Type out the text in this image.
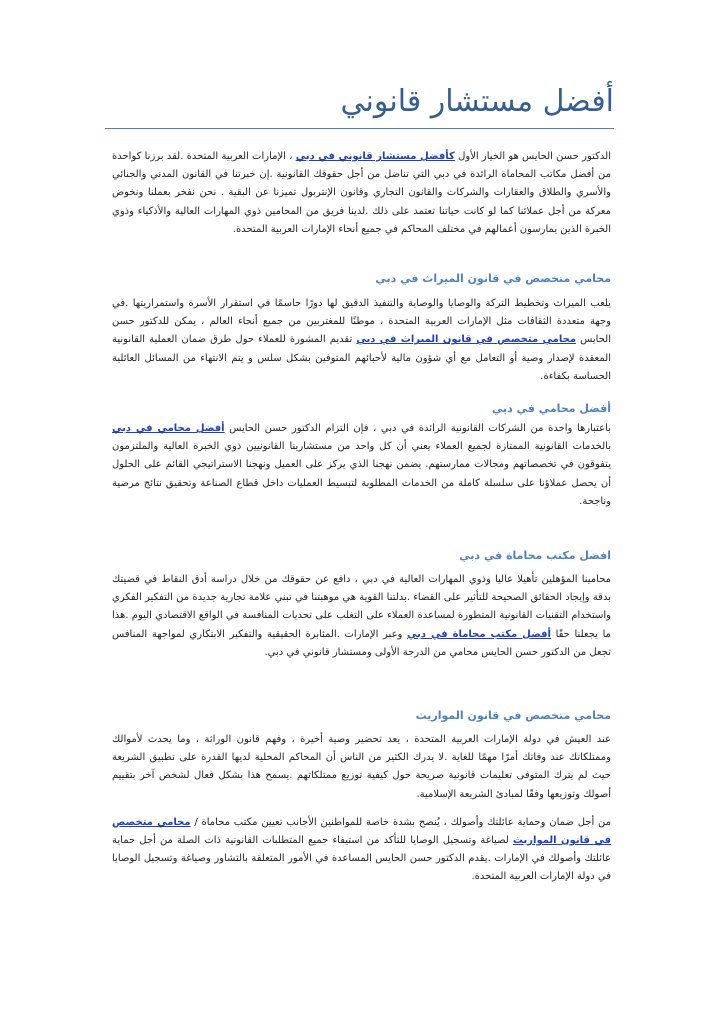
أفضل مستشار قانوني

الدكتور حسن الحايس هو الخيار الأول كأفضل مستشار قانوني في دبي ، الإمارات العربية المتحدة .لقد برزنا كواحدة من أفضل مكاتب المحاماة الرائدة في دبي التي تناضل من أجل حقوقك القانونية .إن خبرتنا في القانون المدني والجنائي والأسري والطلاق والعقارات والشركات والقانون التجاري وقانون الإنتربول تميزنا عن البقية . نحن نفخر بعملنا ونخوض معركة من أجل عملائنا كما لو كانت حياتنا تعتمد على ذلك .لدينا فريق من المحامين ذوي المهارات العالية والأذكياء وذوي الخبرة الذين يمارسون أعمالهم في مختلف المحاكم في جميع أنحاء الإمارات العربية المتحدة.

محامي متخصص في قانون الميراث في دبي

يلعب الميراث وتخطيط التركة والوصايا والوصاية والتنفيذ الدقيق لها دورًا حاسمًا في استقرار الأسرة واستمراريتها .في وجهة متعددة الثقافات مثل الإمارات العربية المتحدة ، موطنًا للمغتربين من جميع أنحاء العالم ، يمكن للدكتور حسن الحايس محامي متخصص في قانون الميراث في دبي تقديم المشورة للعملاء حول طرق ضمان العملية القانونية المعقدة لإصدار وصية أو التعامل مع أي شؤون مالية لأحبائهم المتوفين بشكل سلس و يتم الانتهاء من المسائل العائلية الحساسة بكفاءة.

أفضل محامي في دبي

باعتبارها واحدة من الشركات القانونية الرائدة في دبي ، فإن التزام الدكتور حسن الحايس أفضل محامي في دبي بالخدمات القانونية الممتازة لجميع العملاء يعني أن كل واحد من مستشارينا القانونيين ذوي الخبرة العالية والملتزمون يتفوقون في تخصصاتهم ومجالات ممارستهم. يضمن نهجنا الذي يركز على العميل ونهجنا الاستراتيجي القائم على الحلول أن يحصل عملاؤنا على سلسلة كاملة من الخدمات المطلوبة لتبسيط العمليات داخل قطاع الصناعة وتحقيق نتائج مرضية وناجحة.

افضل مكتب محاماة في دبي

محامينا المؤهلين تأهيلا عاليا وذوي المهارات العالية في دبي ، دافع عن حقوقك من خلال دراسة أدق النقاط في قضيتك بدقة وإيجاد الحقائق الصحيحة للتأثير على القضاء .بدلتنا القوية هي موهبتنا في تبني علامة تجارية جديدة من التفكير الفكري واستخدام التقنيات القانونية المتطورة لمساعدة العملاء على التغلب على تحديات المنافسة في الواقع الاقتصادي اليوم .هذا ما يجعلنا حقًا أفضل مكتب محاماة في دبي وعبر الإمارات .المثابرة الحقيقية والتفكير الابتكاري لمواجهة المنافس تجعل من الدكتور حسن الحايس محامي من الدرجة الأولى ومستشار قانوني في دبي.

محامي متخصص في قانون المواريث

عند العيش في دولة الإمارات العربية المتحدة ، يعد تحضير وصية أخيرة ، وفهم قانون الوراثة ، وما يحدث لأموالك وممتلكاتك عند وفاتك أمرًا مهمًا للغاية .لا يدرك الكثير من الناس أن المحاكم المحلية لديها القدرة على تطبيق الشريعة حيث لم يترك المتوفى تعليمات قانونية صريحة حول كيفية توزيع ممتلكاتهم .يسمح هذا بشكل فعال لشخص آخر بتقييم أصولك وتوزيعها وفقًا لمبادئ الشريعة الإسلامية.

من أجل ضمان وحماية عائلتك وأصولك ، يُنصح بشدة خاصة للمواطنين الأجانب تعيين مكتب محاماة / محامي متخصص في قانون المواريث لصياغة وتسجيل الوصايا للتأكد من استيفاء جميع المتطلبات القانونية ذات الصلة من أجل حماية عائلتك وأصولك في الإمارات .يقدم الدكتور حسن الحايس المساعدة في الأمور المتعلقة بالتشاور وصياغة وتسجيل الوصايا في دولة الإمارات العربية المتحدة.
